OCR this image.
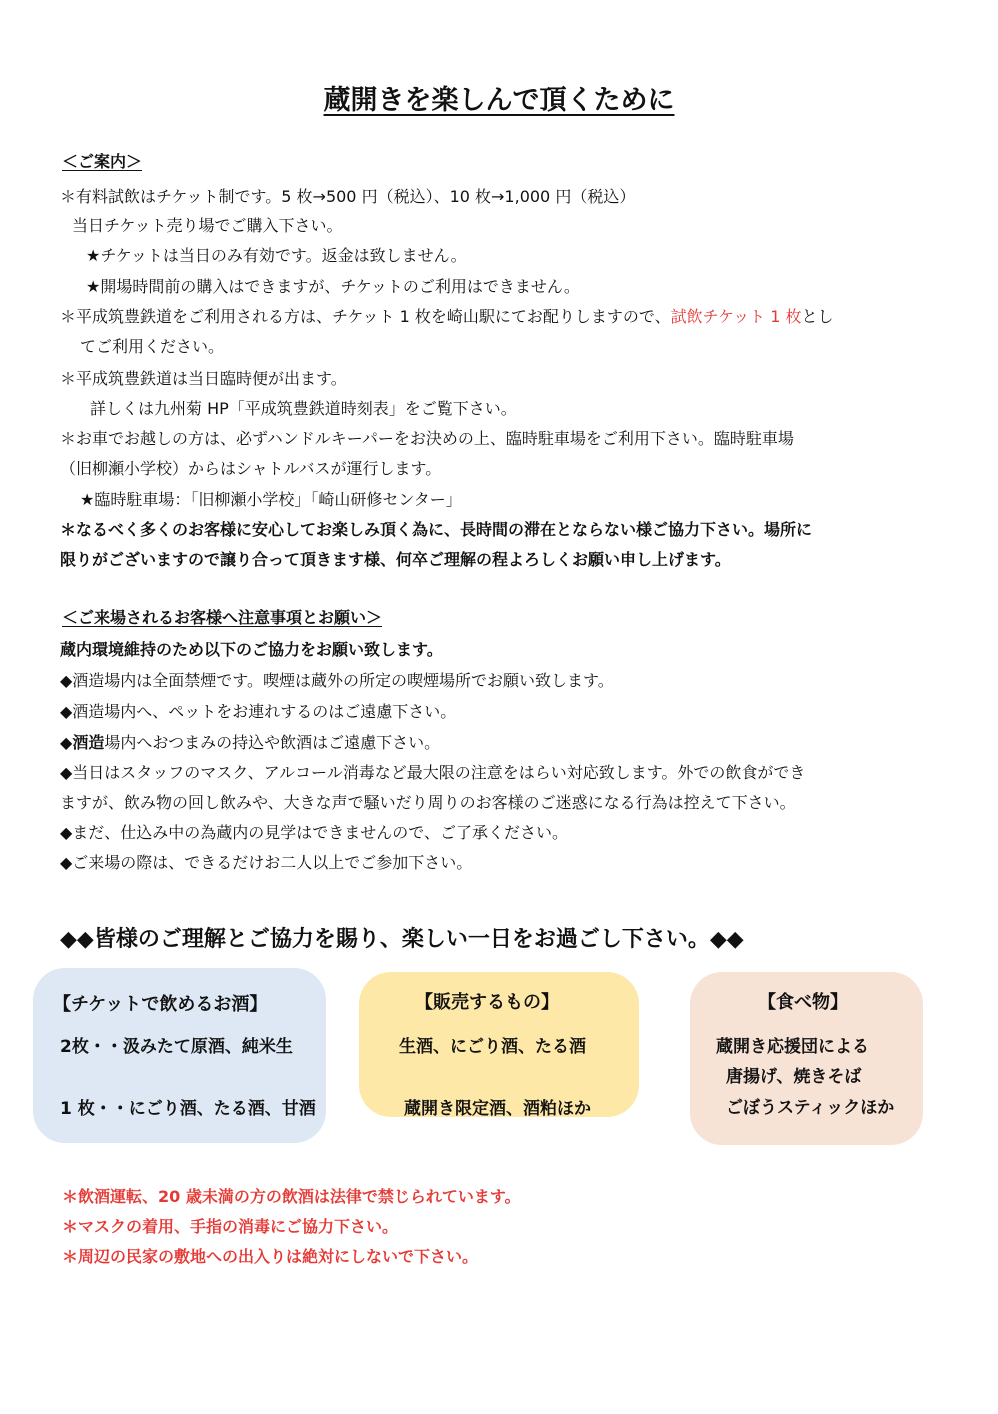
蔵開きを楽しんで頂くために
＜ご案内＞
＊有料試飲はチケット制です。5 枚→500 円（税込）、10 枚→1,000 円（税込）
当日チケット売り場でご購入下さい。
★チケットは当日のみ有効です。返金は致しません。
★開場時間前の購入はできますが、チケットのご利用はできません。
＊平成筑豊鉄道をご利用される方は、チケット 1 枚を崎山駅にてお配りしますので、試飲チケット 1 枚とし
てご利用ください。
＊平成筑豊鉄道は当日臨時便が出ます。
詳しくは九州菊 HP「平成筑豊鉄道時刻表」をご覧下さい。
＊お車でお越しの方は、必ずハンドルキーパーをお決めの上、臨時駐車場をご利用下さい。臨時駐車場
（旧柳瀬小学校）からはシャトルバスが運行します。
★臨時駐車場：「旧柳瀬小学校」「崎山研修センター」
＊なるべく多くのお客様に安心してお楽しみ頂く為に、長時間の滞在とならない様ご協力下さい。場所に
限りがございますので譲り合って頂きます様、何卒ご理解の程よろしくお願い申し上げます。
＜ご来場されるお客様へ注意事項とお願い＞
蔵内環境維持のため以下のご協力をお願い致します。
◆酒造場内は全面禁煙です。喫煙は蔵外の所定の喫煙場所でお願い致します。
◆酒造場内へ、ペットをお連れするのはご遠慮下さい。
◆酒造場内へおつまみの持込や飲酒はご遠慮下さい。
◆当日はスタッフのマスク、アルコール消毒など最大限の注意をはらい対応致します。外での飲食ができ
ますが、飲み物の回し飲みや、大きな声で騒いだり周りのお客様のご迷惑になる行為は控えて下さい。
◆まだ、仕込み中の為蔵内の見学はできませんので、ご了承ください。
◆ご来場の際は、できるだけお二人以上でご参加下さい。
◆◆皆様のご理解とご協力を賜り、楽しい一日をお過ごし下さい。◆◆
【チケットで飲めるお酒】
2枚・・汲みたて原酒、純米生
1 枚・・にごり酒、たる酒、甘酒
【販売するもの】
生酒、にごり酒、たる酒
蔵開き限定酒、酒粕ほか
【食べ物】
蔵開き応援団による
唐揚げ、焼きそば
ごぼうスティックほか
＊飲酒運転、20 歳未満の方の飲酒は法律で禁じられています。
＊マスクの着用、手指の消毒にご協力下さい。
＊周辺の民家の敷地への出入りは絶対にしないで下さい。
